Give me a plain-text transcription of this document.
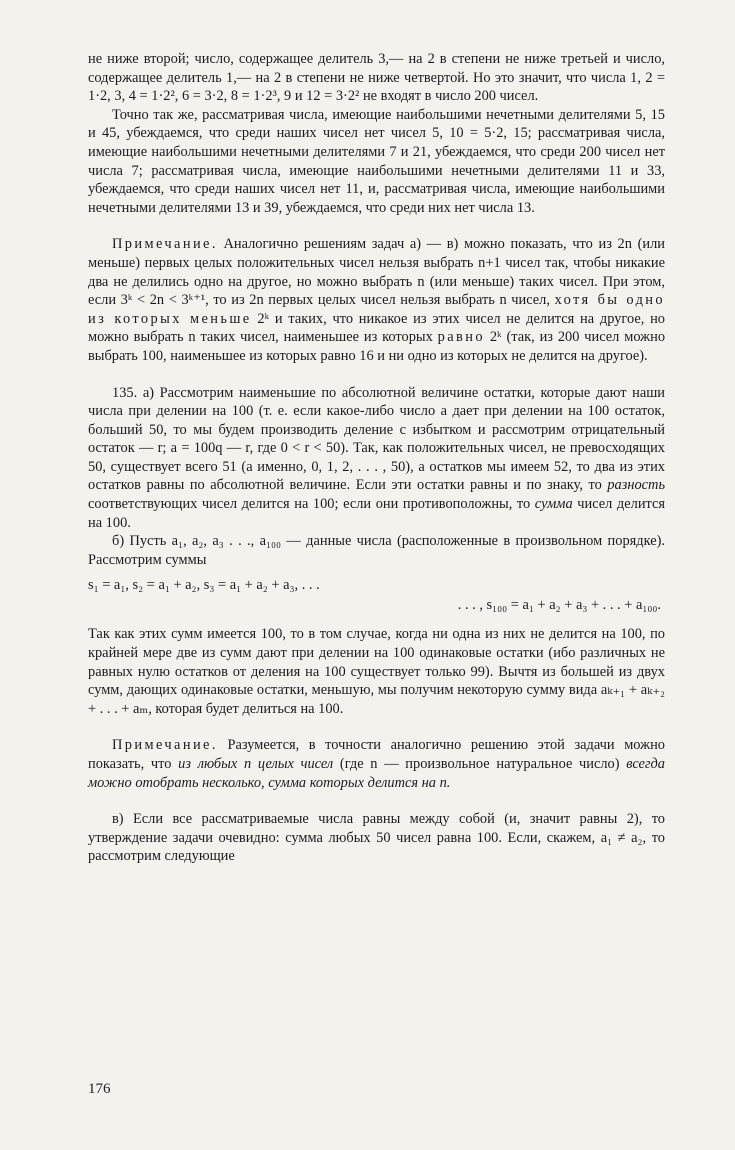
не ниже второй; число, содержащее делитель 3,— на 2 в степени не ниже третьей и число, содержащее делитель 1,— на 2 в степени не ниже четвертой. Но это значит, что числа 1, 2 = 1·2, 3, 4 = 1·2², 6 = 3·2, 8 = 1·2³, 9 и 12 = 3·2² не входят в число 200 чисел.

Точно так же, рассматривая числа, имеющие наибольшими нечетными делителями 5, 15 и 45, убеждаемся, что среди наших чисел нет чисел 5, 10 = 5·2, 15; рассматривая числа, имеющие наибольшими нечетными делителями 7 и 21, убеждаемся, что среди 200 чисел нет числа 7; рассматривая числа, имеющие наибольшими нечетными делителями 11 и 33, убеждаемся, что среди наших чисел нет 11, и, рассматривая числа, имеющие наибольшими нечетными делителями 13 и 39, убеждаемся, что среди них нет числа 13.

Примечание. Аналогично решениям задач а) — в) можно показать, что из 2n (или меньше) первых целых положительных чисел нельзя выбрать n+1 чисел так, чтобы никакие два не делились одно на другое, но можно выбрать n (или меньше) таких чисел. При этом, если 3ᵏ < 2n < 3ᵏ⁺¹, то из 2n первых целых чисел нельзя выбрать n чисел, хотя бы одно из которых меньше 2ᵏ и таких, что никакое из этих чисел не делится на другое, но можно выбрать n таких чисел, наименьшее из которых равно 2ᵏ (так, из 200 чисел можно выбрать 100, наименьшее из которых равно 16 и ни одно из которых не делится на другое).

135. а) Рассмотрим наименьшие по абсолютной величине остатки, которые дают наши числа при делении на 100 (т. е. если какое-либо число a дает при делении на 100 остаток, больший 50, то мы будем производить деление с избытком и рассмотрим отрицательный остаток — r; a = 100q — r, где 0 < r < 50). Так, как положительных чисел, не превосходящих 50, существует всего 51 (а именно, 0, 1, 2, . . . , 50), а остатков мы имеем 52, то два из этих остатков равны по абсолютной величине. Если эти остатки равны и по знаку, то разность соответствующих чисел делится на 100; если они противоположны, то сумма чисел делится на 100.

б) Пусть a₁, a₂, a₃ . . ., a₁₀₀ — данные числа (расположенные в произвольном порядке). Рассмотрим суммы

s₁ = a₁, s₂ = a₁ + a₂, s₃ = a₁ + a₂ + a₃, . . .
. . . , s₁₀₀ = a₁ + a₂ + a₃ + . . . + a₁₀₀.

Так как этих сумм имеется 100, то в том случае, когда ни одна из них не делится на 100, по крайней мере две из сумм дают при делении на 100 одинаковые остатки (ибо различных не равных нулю остатков от деления на 100 существует только 99). Вычтя из большей из двух сумм, дающих одинаковые остатки, меньшую, мы получим некоторую сумму вида aₖ₊₁ + aₖ₊₂ + . . . + aₘ, которая будет делиться на 100.

Примечание. Разумеется, в точности аналогично решению этой задачи можно показать, что из любых n целых чисел (где n — произвольное натуральное число) всегда можно отобрать несколько, сумма которых делится на n.

в) Если все рассматриваемые числа равны между собой (и, значит равны 2), то утверждение задачи очевидно: сумма любых 50 чисел равна 100. Если, скажем, a₁ ≠ a₂, то рассмотрим следующие

176
